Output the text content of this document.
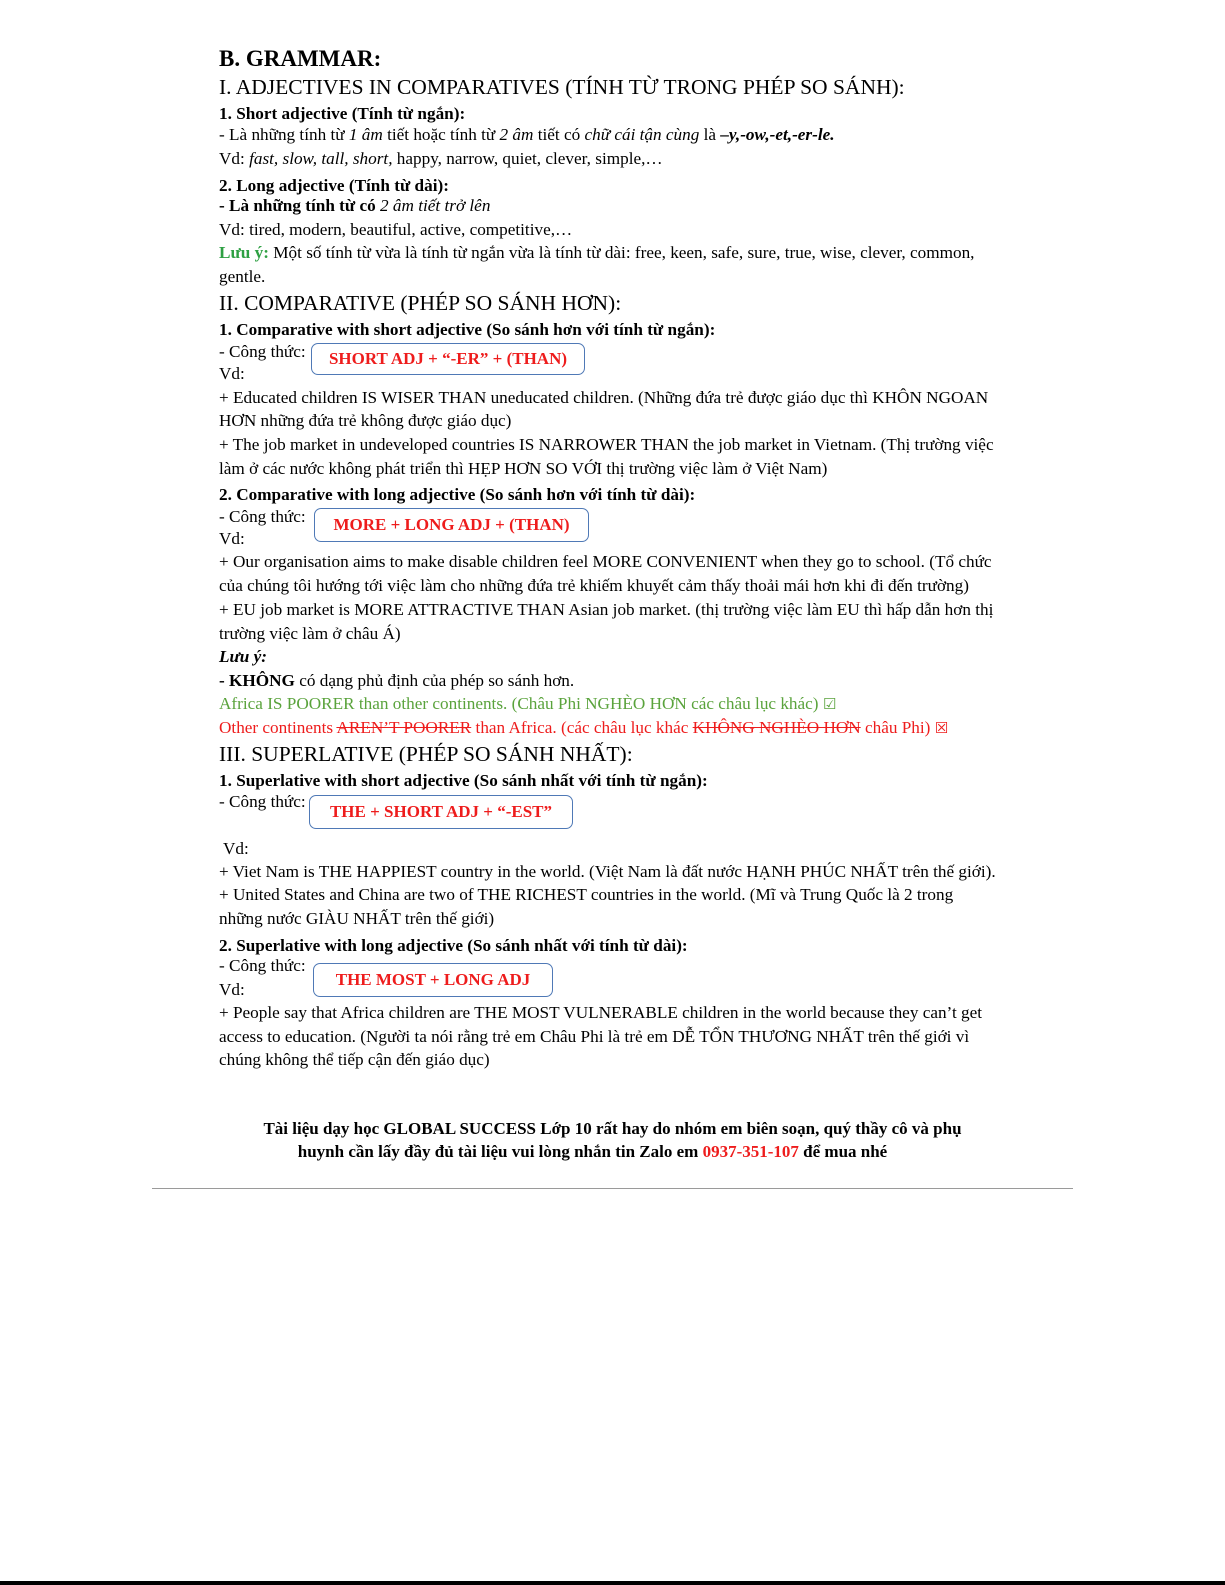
B. GRAMMAR:
I. ADJECTIVES IN COMPARATIVES (TÍNH TỪ TRONG PHÉP SO SÁNH):
1. Short adjective (Tính từ ngắn):
- Là những tính từ 1 âm tiết hoặc tính từ 2 âm tiết có chữ cái tận cùng là –y,-ow,-et,-er-le.
Vd: fast, slow, tall, short, happy, narrow, quiet, clever, simple,…
2. Long adjective (Tính từ dài):
- Là những tính từ có 2 âm tiết trở lên
Vd: tired, modern, beautiful, active, competitive,…
Lưu ý: Một số tính từ vừa là tính từ ngắn vừa là tính từ dài: free, keen, safe, sure, true, wise, clever, common,
gentle.
II. COMPARATIVE (PHÉP SO SÁNH HƠN):
1. Comparative with short adjective (So sánh hơn với tính từ ngắn):
- Công thức:	SHORT ADJ + “-ER” + (THAN)
Vd:
+ Educated children IS WISER THAN uneducated children. (Những đứa trẻ được giáo dục thì KHÔN NGOAN
HƠN những đứa trẻ không được giáo dục)
+ The job market in undeveloped countries IS NARROWER THAN the job market in Vietnam. (Thị trường việc
làm ở các nước không phát triển thì HẸP HƠN SO VỚI thị trường việc làm ở Việt Nam)
2. Comparative with long adjective (So sánh hơn với tính từ dài):
- Công thức:	MORE + LONG ADJ + (THAN)
Vd:
+ Our organisation aims to make disable children feel MORE CONVENIENT when they go to school. (Tổ chức
của chúng tôi hướng tới việc làm cho những đứa trẻ khiếm khuyết cảm thấy thoải mái hơn khi đi đến trường)
+ EU job market is MORE ATTRACTIVE THAN Asian job market. (thị trường việc làm EU thì hấp dẫn hơn thị
trường việc làm ở châu Á)
Lưu ý:
- KHÔNG có dạng phủ định của phép so sánh hơn.
Africa IS POORER than other continents. (Châu Phi NGHÈO HƠN các châu lục khác) ☑
Other continents AREN’T POORER than Africa. (các châu lục khác KHÔNG NGHÈO HƠN châu Phi) ☒
III. SUPERLATIVE (PHÉP SO SÁNH NHẤT):
1. Superlative with short adjective (So sánh nhất với tính từ ngắn):
- Công thức:
THE + SHORT ADJ + “-EST”
Vd:
+ Viet Nam is THE HAPPIEST country in the world. (Việt Nam là đất nước HẠNH PHÚC NHẤT trên thế giới).
+ United States and China are two of THE RICHEST countries in the world. (Mĩ và Trung Quốc là 2 trong
những nước GIÀU NHẤT trên thế giới)
2. Superlative with long adjective (So sánh nhất với tính từ dài):
- Công thức:
THE MOST + LONG ADJ
Vd:
+ People say that Africa children are THE MOST VULNERABLE children in the world because they can’t get
access to education. (Người ta nói rằng trẻ em Châu Phi là trẻ em DỄ TỔN THƯƠNG NHẤT trên thế giới vì
chúng không thể tiếp cận đến giáo dục)
Tài liệu dạy học GLOBAL SUCCESS Lớp 10 rất hay do nhóm em biên soạn, quý thầy cô và phụ
huynh cần lấy đầy đủ tài liệu vui lòng nhắn tin Zalo em 0937-351-107 để mua nhé
